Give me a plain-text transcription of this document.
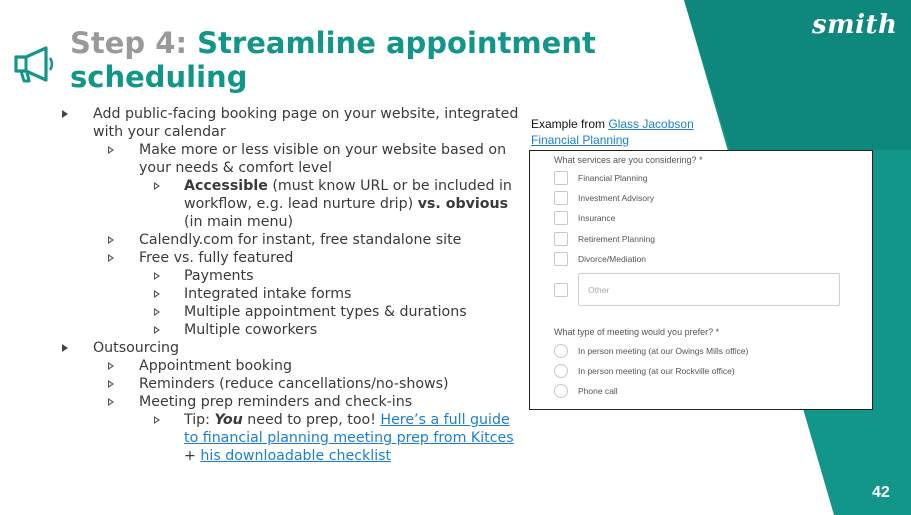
smith
42
Step 4: Streamline appointment scheduling
Add public-facing booking page on your website, integrated with your calendar
Make more or less visible on your website based on your needs & comfort level
Accessible (must know URL or be included in workflow, e.g. lead nurture drip) vs. obvious (in main menu)
Calendly.com for instant, free standalone site
Free vs. fully featured
Payments
Integrated intake forms
Multiple appointment types & durations
Multiple coworkers
Outsourcing
Appointment booking
Reminders (reduce cancellations/no-shows)
Meeting prep reminders and check-ins
Tip: You need to prep, too! Here’s a full guide to financial planning meeting prep from Kitces + his downloadable checklist
Example from Glass Jacobson Financial Planning
What services are you considering? *
Financial Planning
Investment Advisory
Insurance
Retirement Planning
Divorce/Mediation
Other
What type of meeting would you prefer? *
In person meeting (at our Owings Mills office)
In person meeting (at our Rockville office)
Phone call
